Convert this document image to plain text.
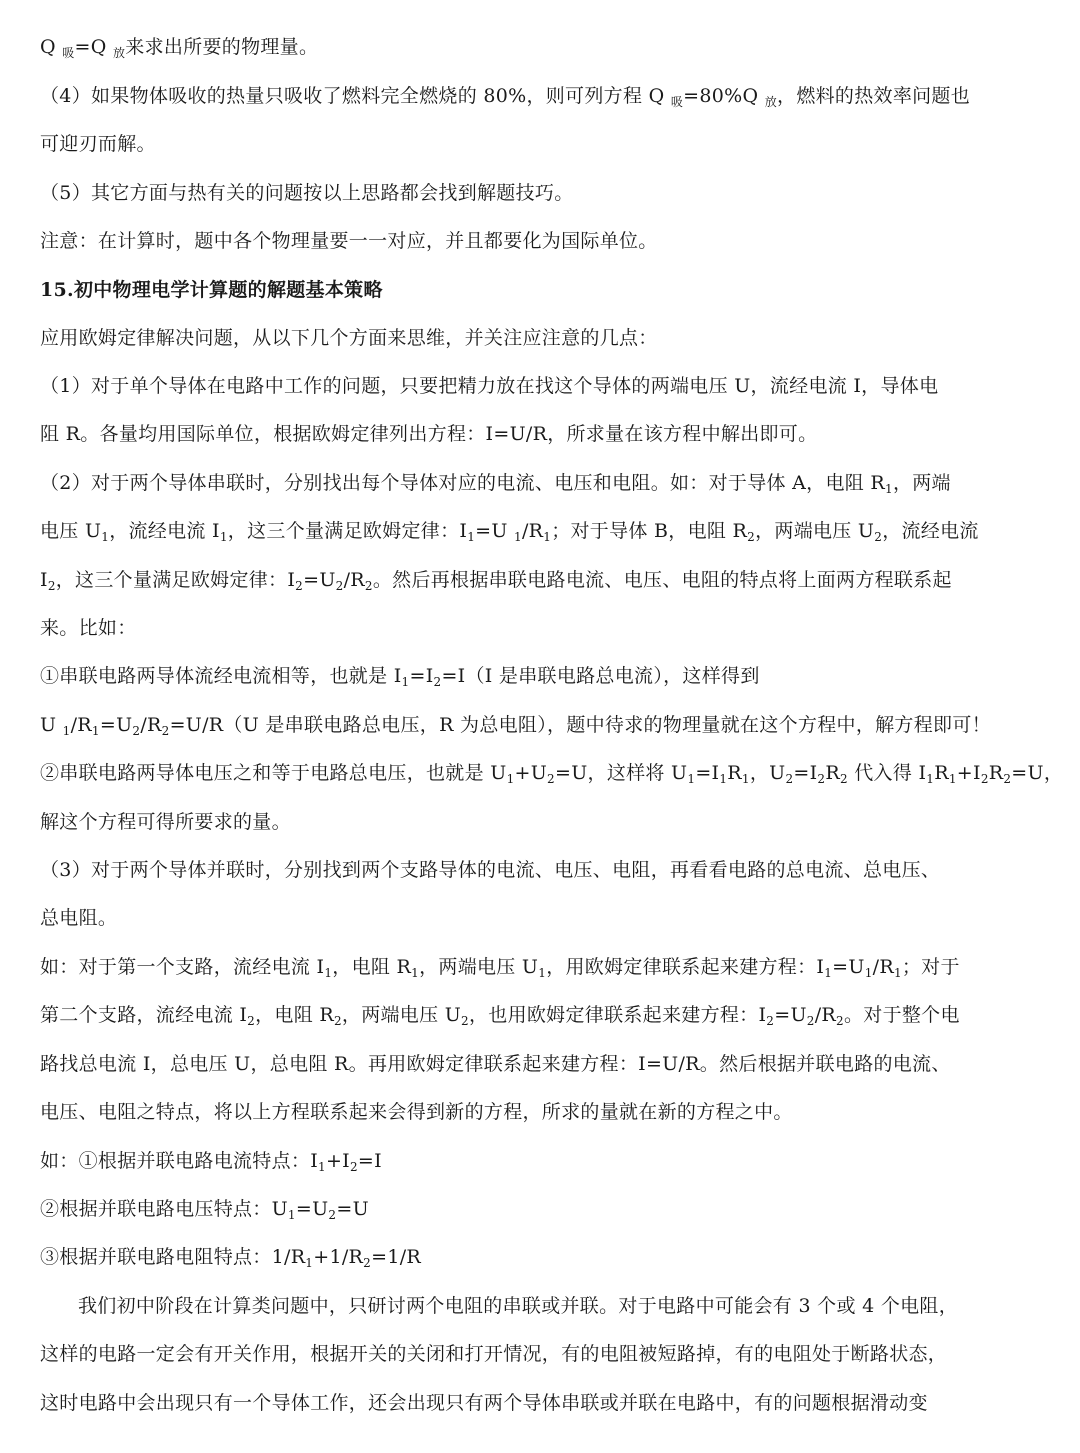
Q $_吸$=Q $_放$来求出所要的物理量。
（4）如果物体吸收的热量只吸收了燃料完全燃烧的 80%，则可列方程 Q $_吸$=80%Q $_放$，燃料的热效率问题也
可迎刃而解。
（5）其它方面与热有关的问题按以上思路都会找到解题技巧。
注意：在计算时，题中各个物理量要一一对应，并且都要化为国际单位。
15.初中物理电学计算题的解题基本策略
应用欧姆定律解决问题，从以下几个方面来思维，并关注应注意的几点：
（1）对于单个导体在电路中工作的问题，只要把精力放在找这个导体的两端电压 U，流经电流 I，导体电
阻 R。各量均用国际单位，根据欧姆定律列出方程：I=U/R，所求量在该方程中解出即可。
（2）对于两个导体串联时，分别找出每个导体对应的电流、电压和电阻。如：对于导体 A，电阻 $R_1$，两端
电压 $U_1$，流经电流 $I_1$，这三个量满足欧姆定律：$I_1=U$ $_1/R_1$；对于导体 B，电阻 $R_2$，两端电压 $U_2$，流经电流
$I_2$，这三个量满足欧姆定律：$I_2=U_2/R_2$。然后再根据串联电路电流、电压、电阻的特点将上面两方程联系起
来。比如：
①串联电路两导体流经电流相等，也就是 $I_1=I_2=I(I$ 是串联电路总电流），这样得到
U $_1/R_1=U_2/R_2=U/R(U$ 是串联电路总电压，R 为总电阻），题中待求的物理量就在这个方程中，解方程即可！
②串联电路两导体电压之和等于电路总电压，也就是 $U_1+U_2=U$，这样将 $U_1=I_1R_1$，$U_2=I_2R_2$ 代入得 $I_1R_1+I_2R_2=U$，
解这个方程可得所要求的量。
（3）对于两个导体并联时，分别找到两个支路导体的电流、电压、电阻，再看看电路的总电流、总电压、
总电阻。
如：对于第一个支路，流经电流 $I_1$，电阻 $R_1$，两端电压 $U_1$，用欧姆定律联系起来建方程：$I_1=U_1/R_1$；对于
第二个支路，流经电流 $I_2$，电阻 $R_2$，两端电压 $U_2$，也用欧姆定律联系起来建方程：$I_2=U_2/R_2$。对于整个电
路找总电流 I，总电压 U，总电阻 R。再用欧姆定律联系起来建方程：I=U/R。然后根据并联电路的电流、
电压、电阻之特点，将以上方程联系起来会得到新的方程，所求的量就在新的方程之中。
如：①根据并联电路电流特点：$I_1+I_2=I$
②根据并联电路电压特点：$U_1=U_2=U$
③根据并联电路电阻特点：$1/R_1+1/R_2=1/R$
我们初中阶段在计算类问题中，只研讨两个电阻的串联或并联。对于电路中可能会有 3 个或 4 个电阻，
这样的电路一定会有开关作用，根据开关的关闭和打开情况，有的电阻被短路掉，有的电阻处于断路状态，
这时电路中会出现只有一个导体工作，还会出现只有两个导体串联或并联在电路中，有的问题根据滑动变
